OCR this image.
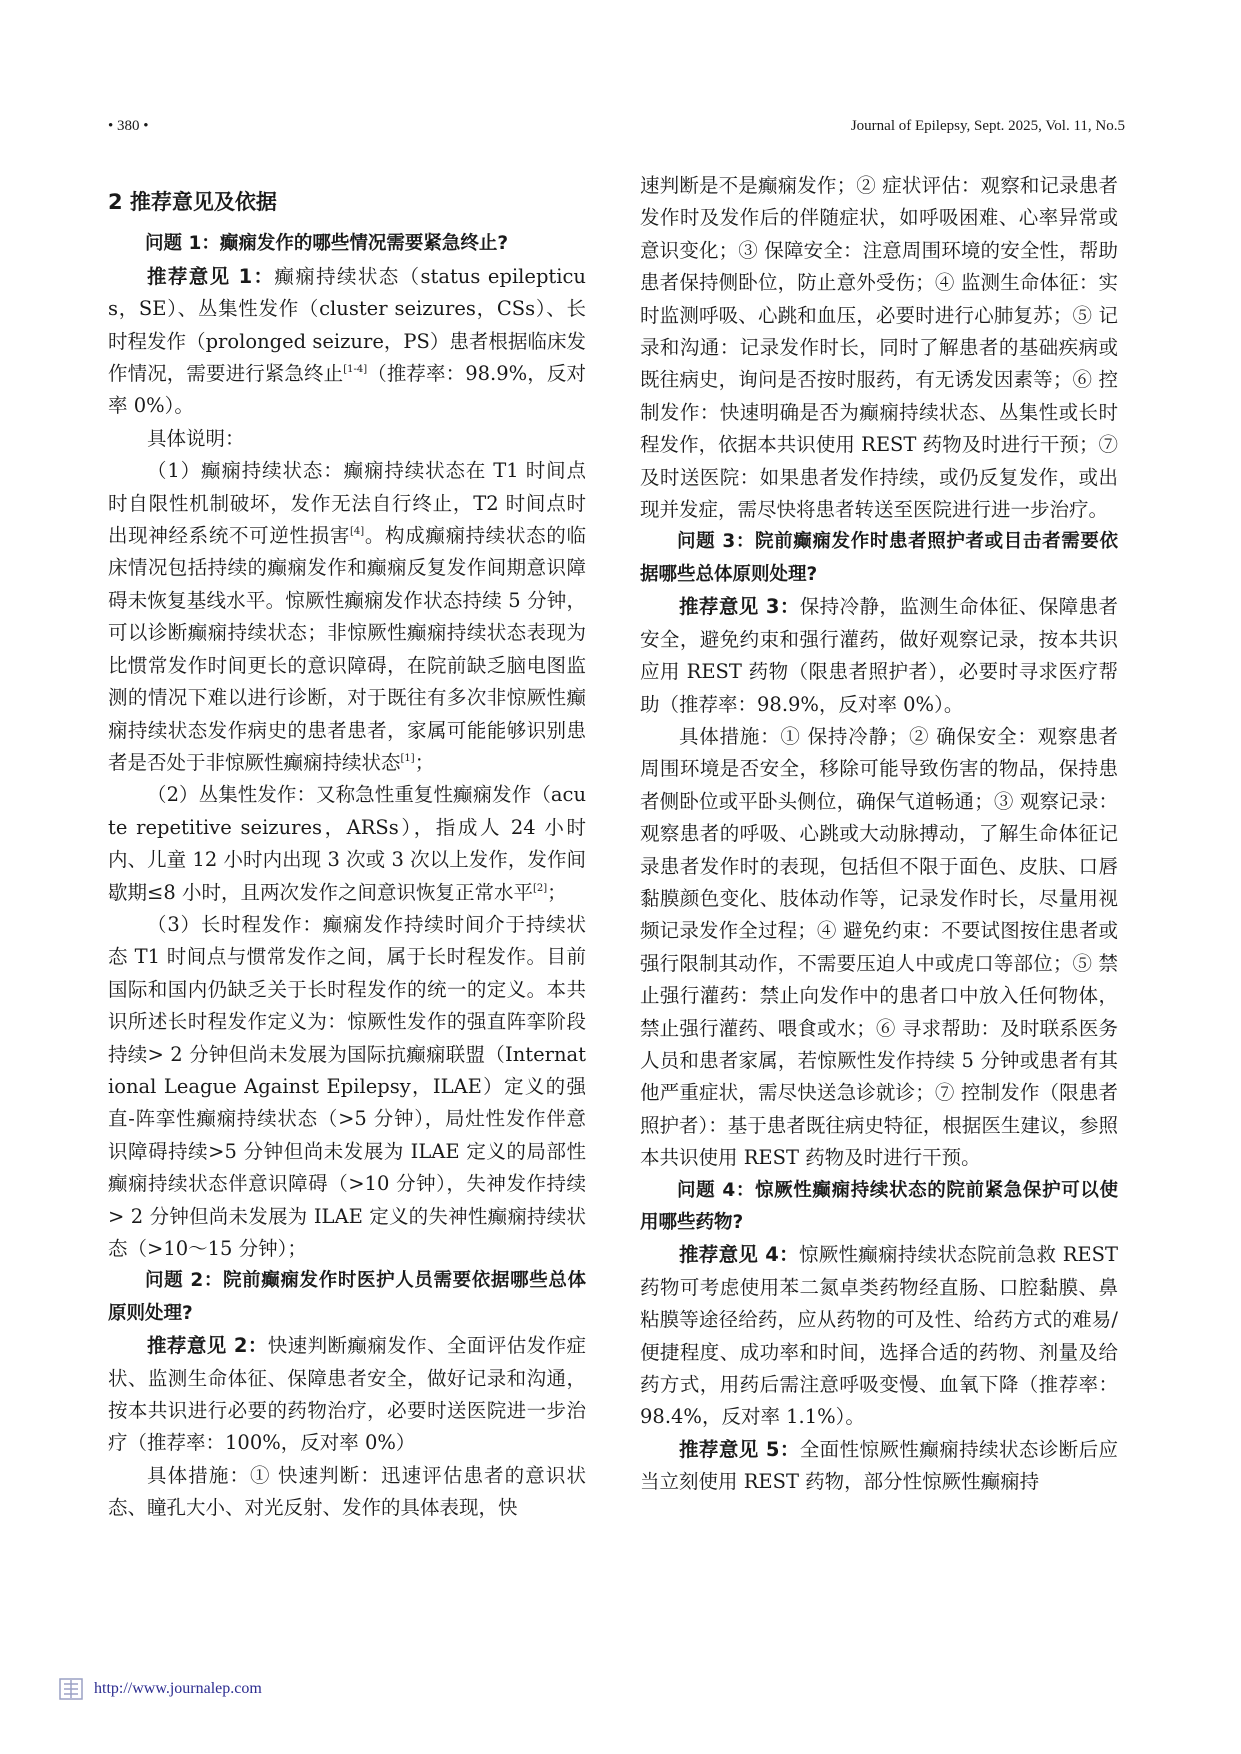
• 380 •	Journal of Epilepsy, Sept. 2025, Vol. 11, No.5

2 推荐意见及依据

问题 1：癫痫发作的哪些情况需要紧急终止?

推荐意见 1：癫痫持续状态（status epilepticus，SE）、丛集性发作（cluster seizures，CSs）、长时程发作（prolonged seizure，PS）患者根据临床发作情况，需要进行紧急终止[1-4]（推荐率：98.9%，反对率 0%）。

具体说明：

（1）癫痫持续状态：癫痫持续状态在 T1 时间点时自限性机制破坏，发作无法自行终止，T2 时间点时出现神经系统不可逆性损害[4]。构成癫痫持续状态的临床情况包括持续的癫痫发作和癫痫反复发作间期意识障碍未恢复基线水平。惊厥性癫痫发作状态持续 5 分钟，可以诊断癫痫持续状态；非惊厥性癫痫持续状态表现为比惯常发作时间更长的意识障碍，在院前缺乏脑电图监测的情况下难以进行诊断，对于既往有多次非惊厥性癫痫持续状态发作病史的患者患者，家属可能能够识别患者是否处于非惊厥性癫痫持续状态[1]；

（2）丛集性发作：又称急性重复性癫痫发作（acute repetitive seizures，ARSs），指成人 24 小时内、儿童 12 小时内出现 3 次或 3 次以上发作，发作间歇期≤8 小时，且两次发作之间意识恢复正常水平[2]；

（3）长时程发作：癫痫发作持续时间介于持续状态 T1 时间点与惯常发作之间，属于长时程发作。目前国际和国内仍缺乏关于长时程发作的统一的定义。本共识所述长时程发作定义为：惊厥性发作的强直阵挛阶段持续> 2 分钟但尚未发展为国际抗癫痫联盟（International League Against Epilepsy，ILAE）定义的强直-阵挛性癫痫持续状态（>5 分钟），局灶性发作伴意识障碍持续>5 分钟但尚未发展为 ILAE 定义的局部性癫痫持续状态伴意识障碍（>10 分钟），失神发作持续> 2 分钟但尚未发展为 ILAE 定义的失神性癫痫持续状态（>10～15 分钟）；

问题 2：院前癫痫发作时医护人员需要依据哪些总体原则处理?

推荐意见 2：快速判断癫痫发作、全面评估发作症状、监测生命体征、保障患者安全，做好记录和沟通，按本共识进行必要的药物治疗，必要时送医院进一步治疗（推荐率：100%，反对率 0%）

具体措施：① 快速判断：迅速评估患者的意识状态、瞳孔大小、对光反射、发作的具体表现，快

速判断是不是癫痫发作；② 症状评估：观察和记录患者发作时及发作后的伴随症状，如呼吸困难、心率异常或意识变化；③ 保障安全：注意周围环境的安全性，帮助患者保持侧卧位，防止意外受伤；④ 监测生命体征：实时监测呼吸、心跳和血压，必要时进行心肺复苏；⑤ 记录和沟通：记录发作时长，同时了解患者的基础疾病或既往病史，询问是否按时服药，有无诱发因素等；⑥ 控制发作：快速明确是否为癫痫持续状态、丛集性或长时程发作，依据本共识使用 REST 药物及时进行干预；⑦ 及时送医院：如果患者发作持续，或仍反复发作，或出现并发症，需尽快将患者转送至医院进行进一步治疗。

问题 3：院前癫痫发作时患者照护者或目击者需要依据哪些总体原则处理?

推荐意见 3：保持冷静，监测生命体征、保障患者安全，避免约束和强行灌药，做好观察记录，按本共识应用 REST 药物（限患者照护者），必要时寻求医疗帮助（推荐率：98.9%，反对率 0%）。

具体措施：① 保持冷静；② 确保安全：观察患者周围环境是否安全，移除可能导致伤害的物品，保持患者侧卧位或平卧头侧位，确保气道畅通；③ 观察记录：观察患者的呼吸、心跳或大动脉搏动，了解生命体征记录患者发作时的表现，包括但不限于面色、皮肤、口唇黏膜颜色变化、肢体动作等，记录发作时长，尽量用视频记录发作全过程；④ 避免约束：不要试图按住患者或强行限制其动作，不需要压迫人中或虎口等部位；⑤ 禁止强行灌药：禁止向发作中的患者口中放入任何物体，禁止强行灌药、喂食或水；⑥ 寻求帮助：及时联系医务人员和患者家属，若惊厥性发作持续 5 分钟或患者有其他严重症状，需尽快送急诊就诊；⑦ 控制发作（限患者照护者）：基于患者既往病史特征，根据医生建议，参照本共识使用 REST 药物及时进行干预。

问题 4：惊厥性癫痫持续状态的院前紧急保护可以使用哪些药物?

推荐意见 4：惊厥性癫痫持续状态院前急救 REST 药物可考虑使用苯二氮卓类药物经直肠、口腔黏膜、鼻粘膜等途径给药，应从药物的可及性、给药方式的难易/便捷程度、成功率和时间，选择合适的药物、剂量及给药方式，用药后需注意呼吸变慢、血氧下降（推荐率：98.4%，反对率 1.1%）。

推荐意见 5：全面性惊厥性癫痫持续状态诊断后应当立刻使用 REST 药物，部分性惊厥性癫痫持

http://www.journalep.com
